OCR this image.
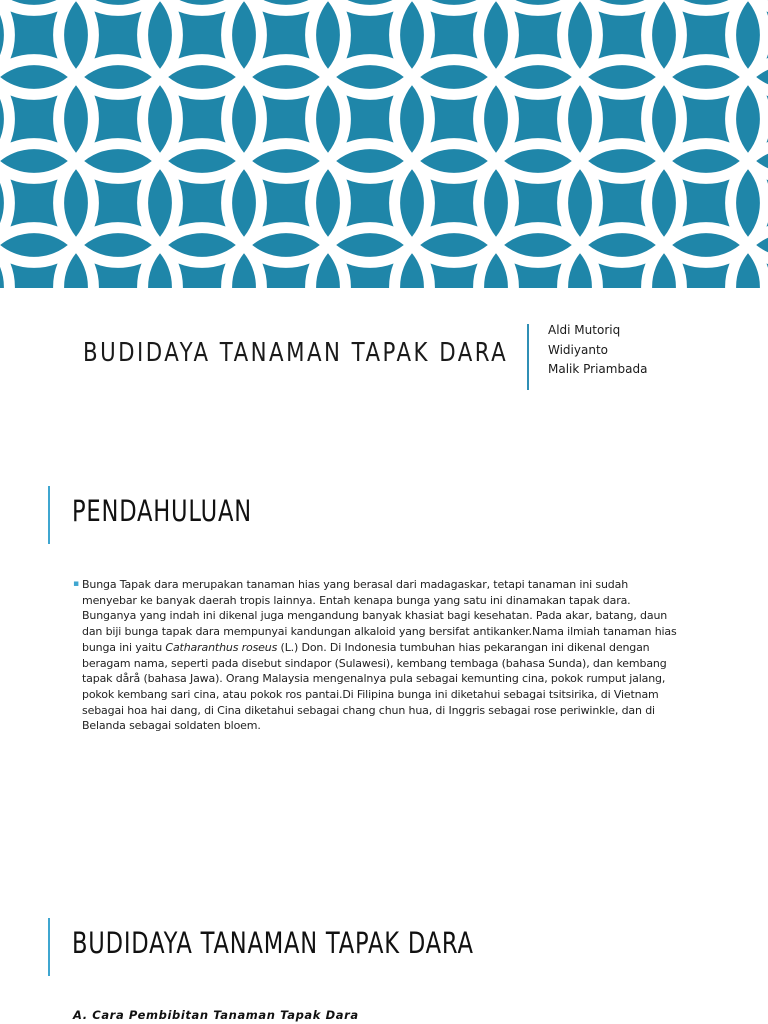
BUDIDAYA TANAMAN TAPAK DARA
Aldi Mutoriq
Widiyanto
Malik Priambada
PENDAHULUAN
▪ Bunga Tapak dara merupakan tanaman hias yang berasal dari madagaskar, tetapi tanaman ini sudah menyebar ke banyak daerah tropis lainnya. Entah kenapa bunga yang satu ini dinamakan tapak dara. Bunganya yang indah ini dikenal juga mengandung banyak khasiat bagi kesehatan. Pada akar, batang, daun dan biji bunga tapak dara mempunyai kandungan alkaloid yang bersifat antikanker.Nama ilmiah tanaman hias bunga ini yaitu Catharanthus roseus (L.) Don. Di Indonesia tumbuhan hias pekarangan ini dikenal dengan beragam nama, seperti pada disebut sindapor (Sulawesi), kembang tembaga (bahasa Sunda), dan kembang tapak dårå (bahasa Jawa). Orang Malaysia mengenalnya pula sebagai kemunting cina, pokok rumput jalang, pokok kembang sari cina, atau pokok ros pantai.Di Filipina bunga ini diketahui sebagai tsitsirika, di Vietnam sebagai hoa hai dang, di Cina diketahui sebagai chang chun hua, di Inggris sebagai rose periwinkle, dan di Belanda sebagai soldaten bloem.

BUDIDAYA TANAMAN TAPAK DARA

A. Cara Pembibitan Tanaman Tapak Dara
